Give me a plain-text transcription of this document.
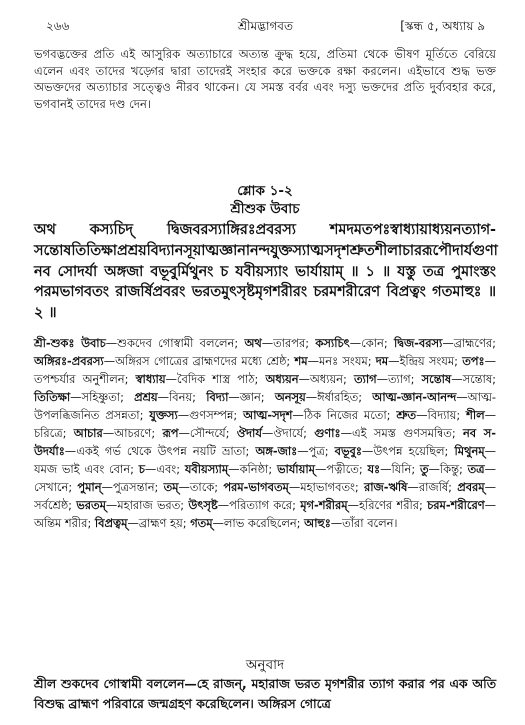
২৬৬	শ্রীমদ্ভাগবত	[স্কন্ধ ৫, অধ্যায় ৯
ভগবদ্ভক্তের প্রতি এই আসুরিক অত্যাচারে অত্যন্ত ক্রুদ্ধ হয়ে, প্রতিমা থেকে ভীষণ মূর্তিতে বেরিয়ে এলেন এবং তাদের খড়্গের দ্বারা তাদেরই সংহার করে ভক্তকে রক্ষা করলেন। এইভাবে শুদ্ধ ভক্ত অভক্তদের অত্যাচার সত্ত্বেও নীরব থাকেন। যে সমস্ত বর্বর এবং দস্যু ভক্তদের প্রতি দুর্ব্যবহার করে, ভগবানই তাদের দণ্ড দেন।
শ্লোক ১-২
শ্রীশুক উবাচ
অথ কস্যচিদ্ দ্বিজবরস্যাঙ্গিরঃপ্রবরস্য শমদমতপঃস্বাধ্যায়াধ্যয়নত্যাগ-সন্তোষতিতিক্ষাপ্রশ্রয়বিদ্যানসূয়াত্মজ্ঞানানন্দযুক্তস্যাত্মসদৃশশ্রুতশীলাচাররূপৌদার্যগুণা নব সোদর্যা অঙ্গজা বভূবুর্মিথুনং চ যবীয়স্যাং ভার্যায়াম্ ॥ ১ ॥ যস্তু তত্র পুমাংস্তং পরমভাগবতং রাজর্ষিপ্রবরং ভরতমুৎসৃষ্টমৃগশরীরং চরমশরীরেণ বিপ্রত্বং গতমাহুঃ ॥ ২ ॥
শ্রী-শুকঃ উবাচ—শুকদেব গোস্বামী বললেন; অথ—তারপর; কস্যচিৎ—কোন; দ্বিজ-বরস্য—ব্রাহ্মণের; অঙ্গিরঃ-প্রবরস্য—অঙ্গিরস গোত্রের ব্রাহ্মণদের মধ্যে শ্রেষ্ঠ; শম—মনঃ সংযম; দম—ইন্দ্রিয় সংযম; তপঃ—তপশ্চর্যার অনুশীলন; স্বাধ্যায়—বৈদিক শাস্ত্র পাঠ; অধ্যয়ন—অধ্যয়ন; ত্যাগ—ত্যাগ; সন্তোষ—সন্তোষ; তিতিক্ষা—সহিষ্ণুতা; প্রশ্রয়—বিনয়; বিদ্যা—জ্ঞান; অনসূয়—ঈর্ষারহিত; আত্ম-জ্ঞান-আনন্দ—আত্ম-উপলব্ধিজনিত প্রসন্নতা; যুক্তস্য—গুণসম্পন্ন; আত্ম-সদৃশ—ঠিক নিজের মতো; শ্রুত—বিদ্যায়; শীল—চরিত্রে; আচার—আচরণে; রূপ—সৌন্দর্যে; ঔদার্য—ঔদার্যে; গুণাঃ—এই সমস্ত গুণসমন্বিত; নব স-উদর্যাঃ—একই গর্ভ থেকে উৎপন্ন নয়টি ভ্রাতা; অঙ্গ-জাঃ—পুত্র; বভূবুঃ—উৎপন্ন হয়েছিল; মিথুনম্—যমজ ভাই এবং বোন; চ—এবং; যবীয়স্যাম্—কনিষ্ঠা; ভার্যায়াম্—পত্নীতে; যঃ—যিনি; তু—কিন্তু; তত্র—সেখানে; পুমান্—পুত্রসন্তান; তম্—তাকে; পরম-ভাগবতম্—মহাভাগবতং; রাজ-ঋষি—রাজর্ষি; প্রবরম্—সর্বশ্রেষ্ঠ; ভরতম্—মহারাজ ভরত; উৎসৃষ্ট—পরিত্যাগ করে; মৃগ-শরীরম্—হরিণের শরীর; চরম-শরীরেণ—অন্তিম শরীর; বিপ্রত্বম্—ব্রাহ্মণ হয়; গতম্—লাভ করেছিলেন; আহুঃ—তাঁরা বলেন।
অনুবাদ
শ্রীল শুকদেব গোস্বামী বললেন—হে রাজন্, মহারাজ ভরত মৃগশরীর ত্যাগ করার পর এক অতি বিশুদ্ধ ব্রাহ্মণ পরিবারে জন্মগ্রহণ করেছিলেন। অঙ্গিরস গোত্রে
